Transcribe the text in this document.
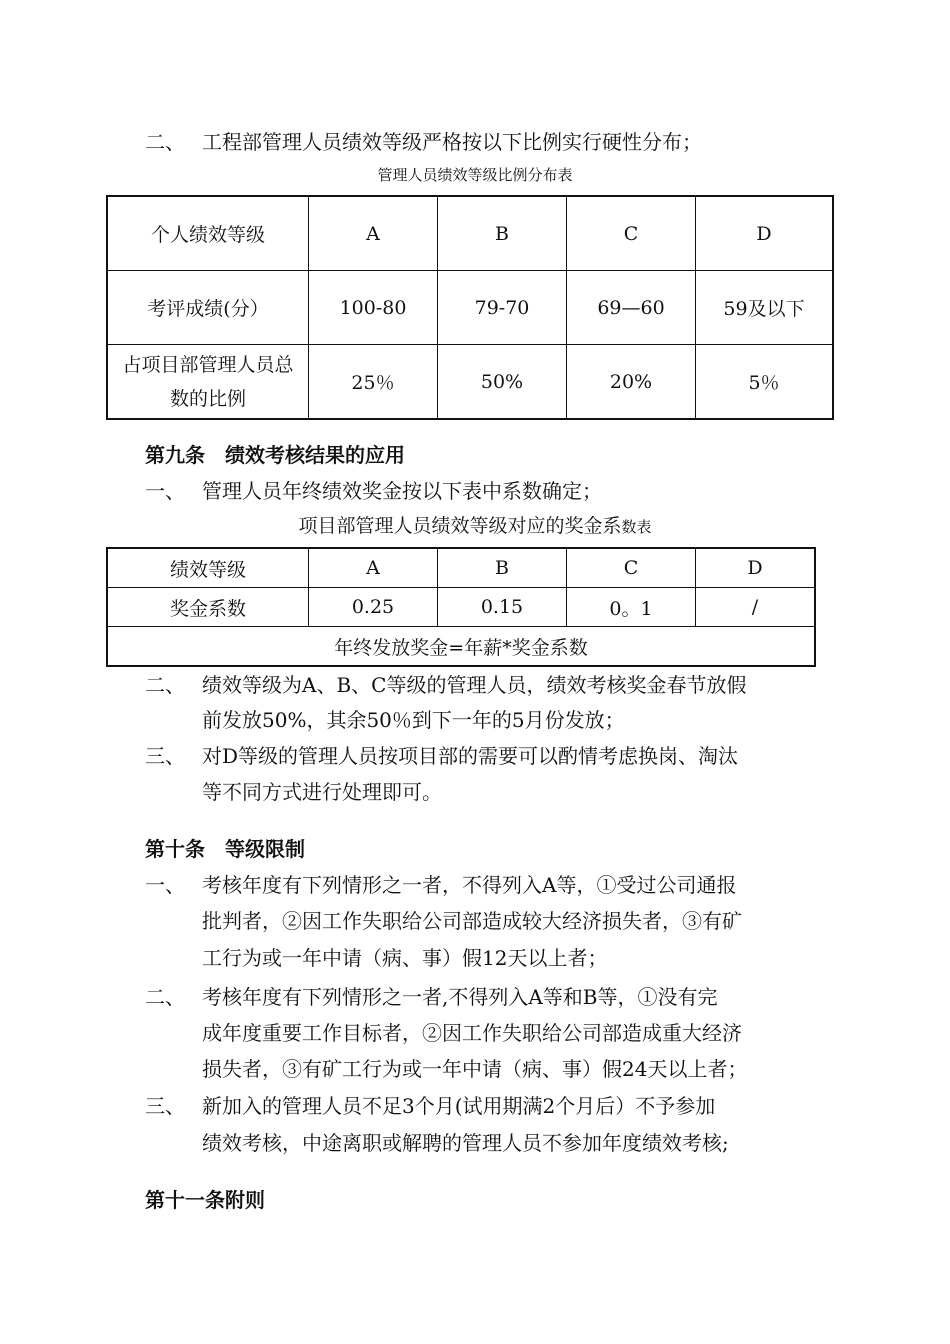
二、 工程部管理人员绩效等级严格按以下比例实行硬性分布；
管理人员绩效等级比例分布表
个人绩效等级	A	B	C	D
考评成绩(分）	100-80	79-70	69—60	59及以下
占项目部管理人员总数的比例	25％	50%	20%	5％
第九条　绩效考核结果的应用
一、 管理人员年终绩效奖金按以下表中系数确定；
项目部管理人员绩效等级对应的奖金系数表
绩效等级	A	B	C	D
奖金系数	0.25	0.15	0。1	/
年终发放奖金=年薪*奖金系数				
二、 绩效等级为A、B、C等级的管理人员，绩效考核奖金春节放假
前发放50%，其余50％到下一年的5月份发放；
三、 对D等级的管理人员按项目部的需要可以酌情考虑换岗、淘汰
等不同方式进行处理即可。
第十条　等级限制
一、 考核年度有下列情形之一者，不得列入A等，①受过公司通报
批判者，②因工作失职给公司部造成较大经济损失者，③有矿
工行为或一年中请（病、事）假12天以上者；
二、 考核年度有下列情形之一者,不得列入A等和B等，①没有完
成年度重要工作目标者，②因工作失职给公司部造成重大经济
损失者，③有矿工行为或一年中请（病、事）假24天以上者；
三、 新加入的管理人员不足3个月(试用期满2个月后）不予参加
绩效考核，中途离职或解聘的管理人员不参加年度绩效考核;
第十一条附则
